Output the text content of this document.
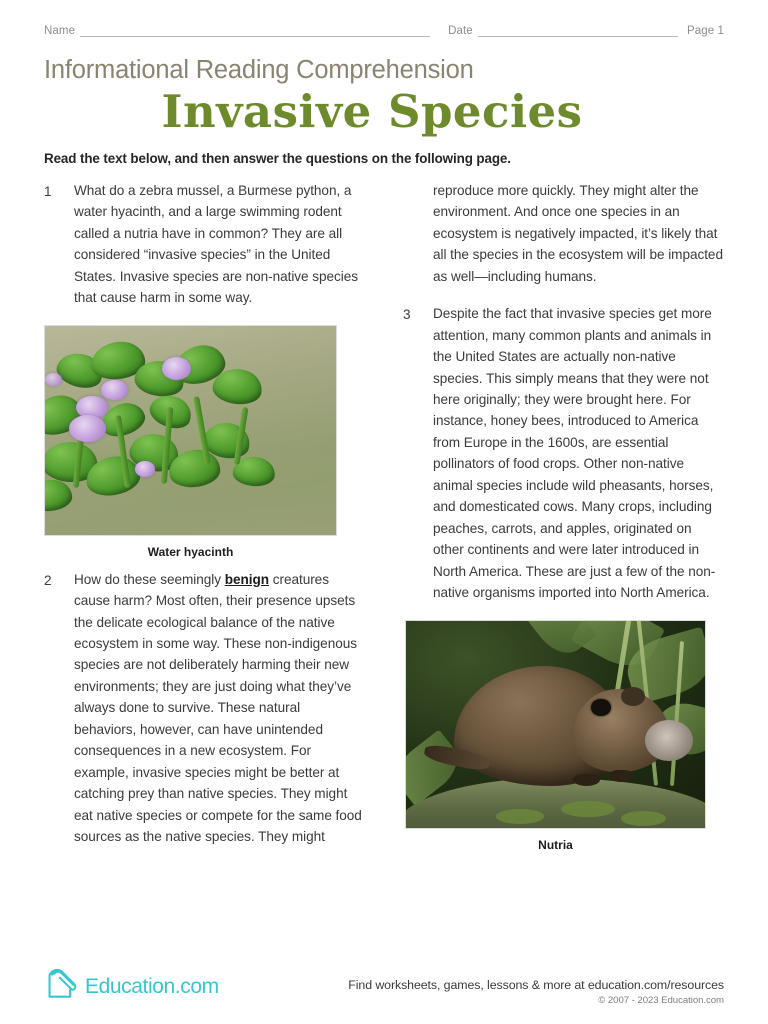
Name	Date	Page 1
Informational Reading Comprehension
Invasive Species
Read the text below, and then answer the questions on the following page.
1	What do a zebra mussel, a Burmese python, a water hyacinth, and a large swimming rodent called a nutria have in common? They are all considered “invasive species” in the United States. Invasive species are non-native species that cause harm in some way.
Water hyacinth
2	How do these seemingly benign creatures cause harm? Most often, their presence upsets the delicate ecological balance of the native ecosystem in some way. These non-indigenous species are not deliberately harming their new environments; they are just doing what they’ve always done to survive. These natural behaviors, however, can have unintended consequences in a new ecosystem. For example, invasive species might be better at catching prey than native species. They might eat native species or compete for the same food sources as the native species. They might
reproduce more quickly. They might alter the environment. And once one species in an ecosystem is negatively impacted, it’s likely that all the species in the ecosystem will be impacted as well—including humans.
3	Despite the fact that invasive species get more attention, many common plants and animals in the United States are actually non-native species. This simply means that they were not here originally; they were brought here. For instance, honey bees, introduced to America from Europe in the 1600s, are essential pollinators of food crops. Other non-native animal species include wild pheasants, horses, and domesticated cows. Many crops, including peaches, carrots, and apples, originated on other continents and were later introduced in North America. These are just a few of the non-native organisms imported into North America.
Nutria
Education.com	Find worksheets, games, lessons & more at education.com/resources
© 2007 - 2023 Education.com
